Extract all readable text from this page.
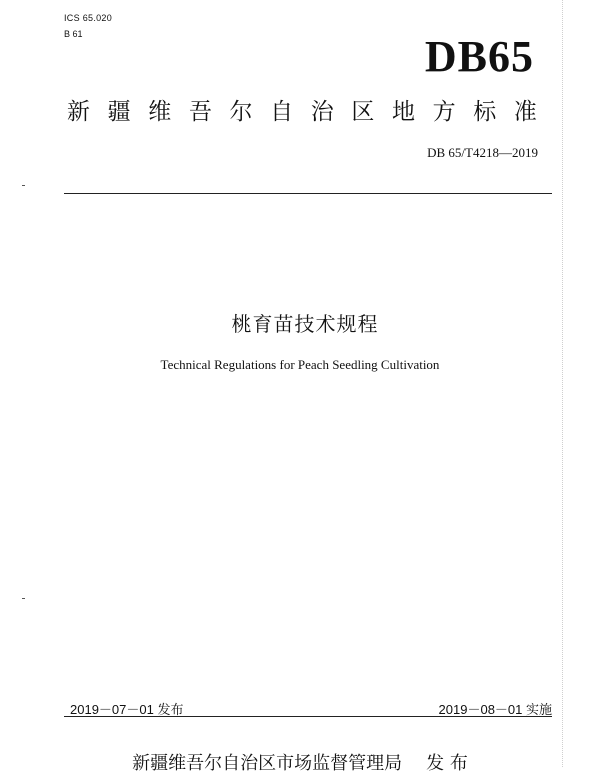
ICS 65.020
B 61	DB65
新 疆 维 吾 尔 自 治 区 地 方 标 准
DB 65/T4218—2019
桃育苗技术规程
Technical Regulations for Peach Seedling Cultivation
2019－07－01 发布	2019－08－01 实施
新疆维吾尔自治区市场监督管理局 发 布
